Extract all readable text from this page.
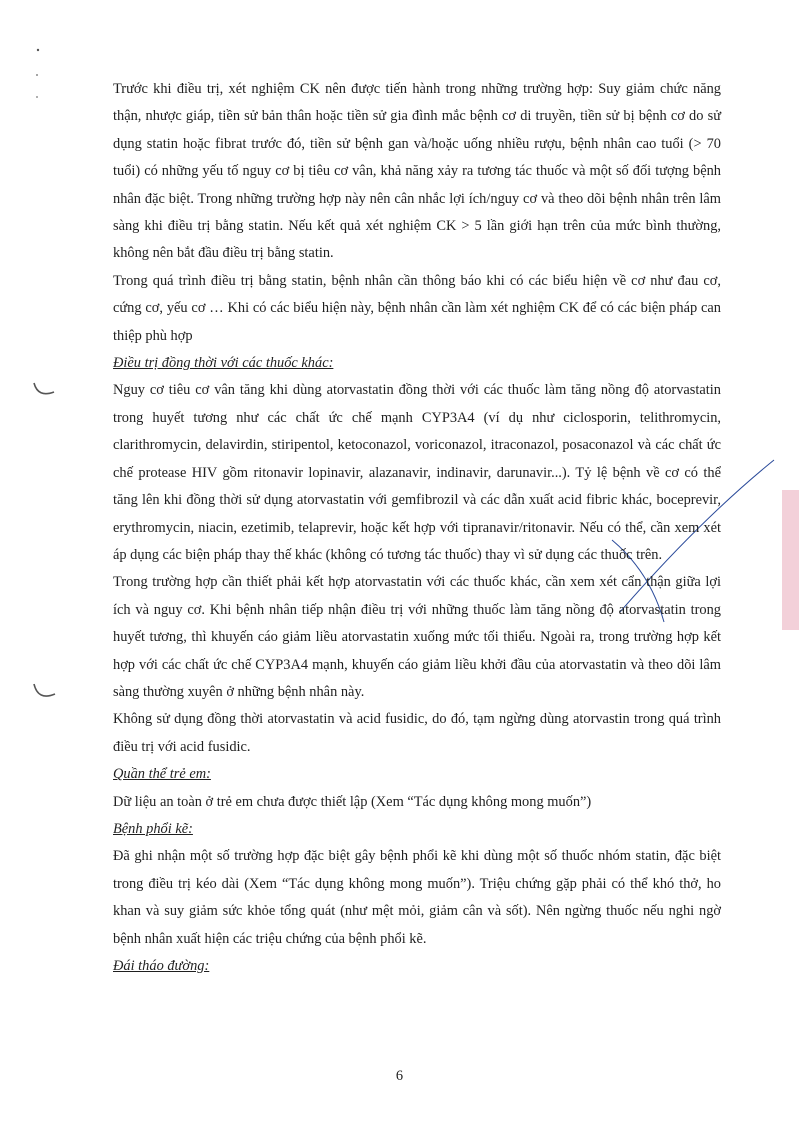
Trước khi điều trị, xét nghiệm CK nên được tiến hành trong những trường hợp: Suy giảm chức năng thận, nhược giáp, tiền sử bản thân hoặc tiền sử gia đình mắc bệnh cơ di truyền, tiền sử bị bệnh cơ do sử dụng statin hoặc fibrat trước đó, tiền sử bệnh gan và/hoặc uống nhiều rượu, bệnh nhân cao tuổi (> 70 tuổi) có những yếu tố nguy cơ bị tiêu cơ vân, khả năng xảy ra tương tác thuốc và một số đối tượng bệnh nhân đặc biệt. Trong những trường hợp này nên cân nhắc lợi ích/nguy cơ và theo dõi bệnh nhân trên lâm sàng khi điều trị bằng statin. Nếu kết quả xét nghiệm CK > 5 lần giới hạn trên của mức bình thường, không nên bắt đầu điều trị bằng statin.

Trong quá trình điều trị bằng statin, bệnh nhân cần thông báo khi có các biểu hiện về cơ như đau cơ, cứng cơ, yếu cơ … Khi có các biểu hiện này, bệnh nhân cần làm xét nghiệm CK để có các biện pháp can thiệp phù hợp

Điều trị đồng thời với các thuốc khác:

Nguy cơ tiêu cơ vân tăng khi dùng atorvastatin đồng thời với các thuốc làm tăng nồng độ atorvastatin trong huyết tương như các chất ức chế mạnh CYP3A4 (ví dụ như ciclosporin, telithromycin, clarithromycin, delavirdin, stiripentol, ketoconazol, voriconazol, itraconazol, posaconazol và các chất ức chế protease HIV gồm ritonavir lopinavir, alazanavir, indinavir, darunavir...). Tỷ lệ bệnh về cơ có thể tăng lên khi đồng thời sử dụng atorvastatin với gemfibrozil và các dẫn xuất acid fibric khác, boceprevir, erythromycin, niacin, ezetimib, telaprevir, hoặc kết hợp với tipranavir/ritonavir. Nếu có thể, cần xem xét áp dụng các biện pháp thay thế khác (không có tương tác thuốc) thay vì sử dụng các thuốc trên.

Trong trường hợp cần thiết phải kết hợp atorvastatin với các thuốc khác, cần xem xét cẩn thận giữa lợi ích và nguy cơ. Khi bệnh nhân tiếp nhận điều trị với những thuốc làm tăng nồng độ atorvastatin trong huyết tương, thì khuyến cáo giảm liều atorvastatin xuống mức tối thiểu. Ngoài ra, trong trường hợp kết hợp với các chất ức chế CYP3A4 mạnh, khuyến cáo giảm liều khởi đầu của atorvastatin và theo dõi lâm sàng thường xuyên ở những bệnh nhân này.

Không sử dụng đồng thời atorvastatin và acid fusidic, do đó, tạm ngừng dùng atorvastin trong quá trình điều trị với acid fusidic.

Quần thể trẻ em:

Dữ liệu an toàn ở trẻ em chưa được thiết lập (Xem “Tác dụng không mong muốn”)

Bệnh phổi kẽ:

Đã ghi nhận một số trường hợp đặc biệt gây bệnh phổi kẽ khi dùng một số thuốc nhóm statin, đặc biệt trong điều trị kéo dài (Xem “Tác dụng không mong muốn”). Triệu chứng gặp phải có thể khó thở, ho khan và suy giảm sức khỏe tổng quát (như mệt mỏi, giảm cân và sốt). Nên ngừng thuốc nếu nghi ngờ bệnh nhân xuất hiện các triệu chứng của bệnh phổi kẽ.

Đái tháo đường:

6
